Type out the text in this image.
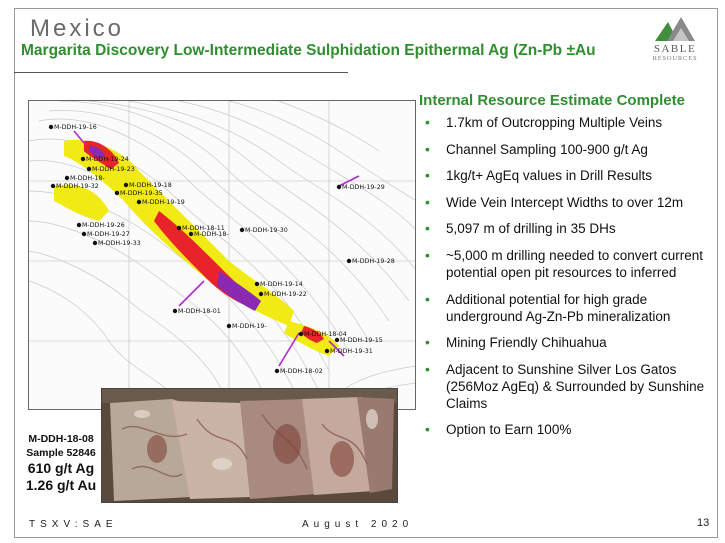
Mexico
Margarita Discovery Low-Intermediate Sulphidation Epithermal Ag (Zn-Pb ±Au	SABLE
RESOURCES
M-DDH-19-16
M-DDH-19-24
M-DDH-19-23
M-DDH-18-
M-DDH-19-32
M-DDH-19-35
M-DDH-19-18
M-DDH-19-19
M-DDH-19-29
M-DDH-19-26
M-DDH-19-27
M-DDH-19-33
M-DDH-18-11
M-DDH-18-
M-DDH-19-30
M-DDH-19-28
M-DDH-19-14
M-DDH-19-22
M-DDH-18-01
M-DDH-19-
M-DDH-18-04
M-DDH-19-15
M-DDH-19-31
M-DDH-18-02
M-DDH-18-08
Sample 52846
610 g/t Ag
1.26 g/t Au
Internal Resource Estimate Complete
• 1.7km of Outcropping Multiple Veins
• Channel Sampling 100-900 g/t Ag
• 1kg/t+ AgEq values in Drill Results
• Wide Vein Intercept Widths to over 12m
• 5,097 m of drilling in 35 DHs
• ~5,000 m drilling needed to convert current potential open pit resources to inferred
• Additional potential for high grade underground Ag-Zn-Pb mineralization
• Mining Friendly Chihuahua
• Adjacent to Sunshine Silver Los Gatos (256Moz AgEq) & Surrounded by Sunshine Claims
• Option to Earn 100%
TSXV:SAE	August 2020	13
